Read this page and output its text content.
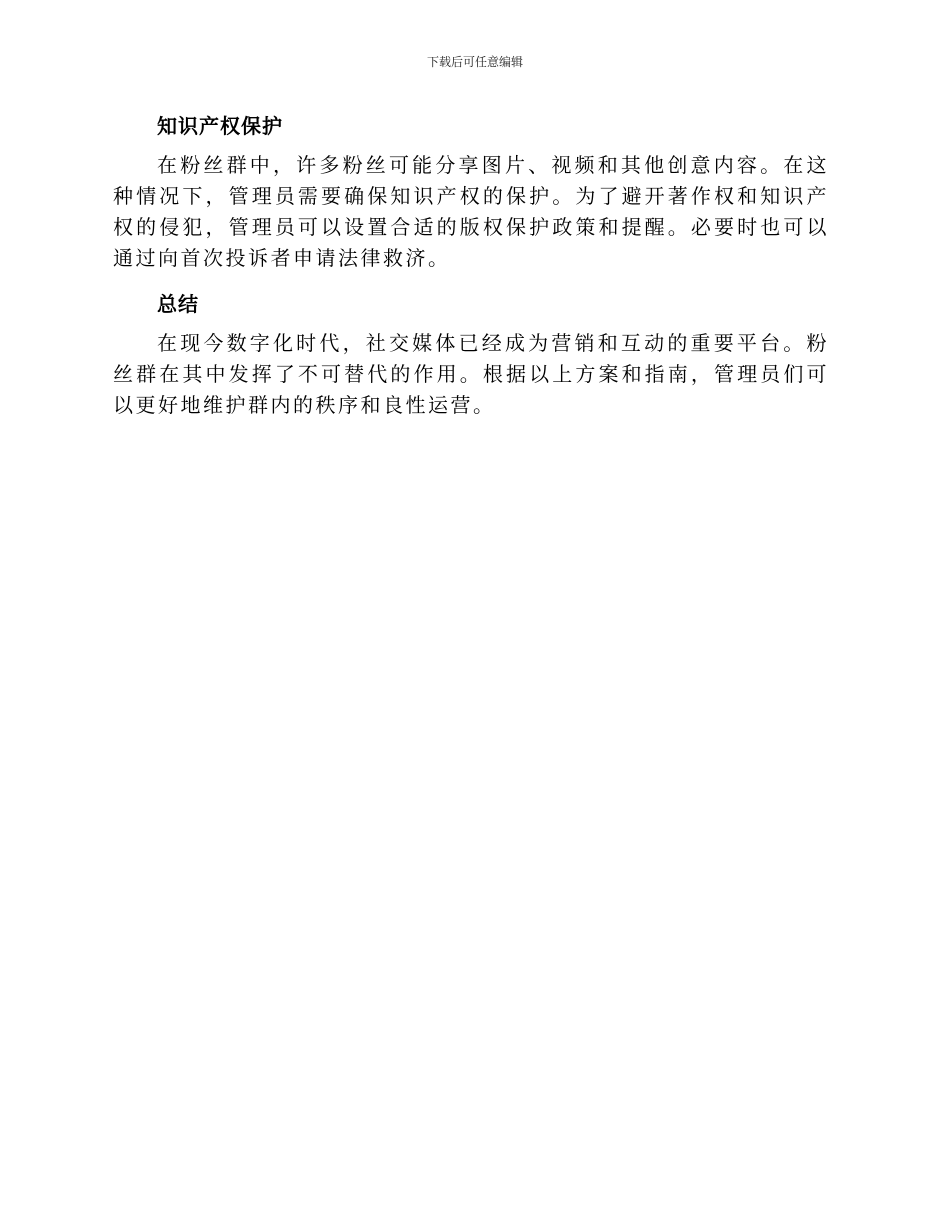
下载后可任意编辑
知识产权保护

在粉丝群中，许多粉丝可能分享图片、视频和其他创意内容。在这种情况下，管理员需要确保知识产权的保护。为了避开著作权和知识产权的侵犯，管理员可以设置合适的版权保护政策和提醒。必要时也可以通过向首次投诉者申请法律救济。

总结

在现今数字化时代，社交媒体已经成为营销和互动的重要平台。粉丝群在其中发挥了不可替代的作用。根据以上方案和指南，管理员们可以更好地维护群内的秩序和良性运营。
